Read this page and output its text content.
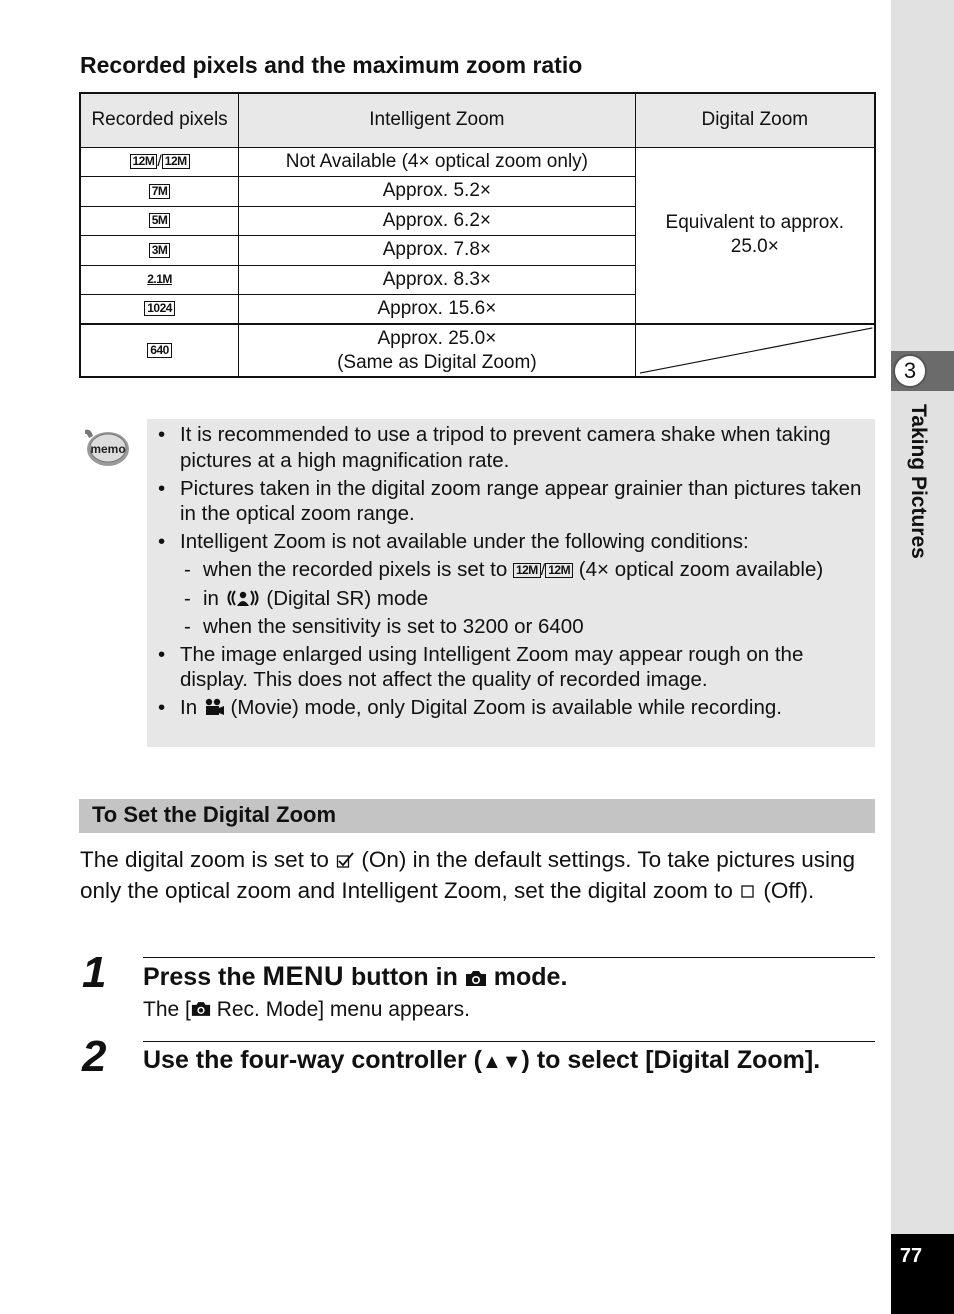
3
Taking Pictures
77
Recorded pixels and the maximum zoom ratio
Recorded pixels	Intelligent Zoom	Digital Zoom
12M / 12M	Not Available (4× optical zoom only)	Equivalent to approx. 25.0×
7M	Approx. 5.2×	
5M	Approx. 6.2×	
3M	Approx. 7.8×	
2.1M	Approx. 8.3×	
1024	Approx. 15.6×	
640	Approx. 25.0×
(Same as Digital Zoom)

memo
• It is recommended to use a tripod to prevent camera shake when taking pictures at a high magnification rate.
• Pictures taken in the digital zoom range appear grainier than pictures taken in the optical zoom range.
• Intelligent Zoom is not available under the following conditions:
- when the recorded pixels is set to 12M / 12M (4× optical zoom available)
- in (Digital SR) mode
- when the sensitivity is set to 3200 or 6400
• The image enlarged using Intelligent Zoom may appear rough on the display. This does not affect the quality of recorded image.
• In (Movie) mode, only Digital Zoom is available while recording.
To Set the Digital Zoom
The digital zoom is set to (On) in the default settings. To take pictures using only the optical zoom and Intelligent Zoom, set the digital zoom to (Off).
1 Press the MENU button in mode.
The [ Rec. Mode] menu appears.
2 Use the four-way controller (▲▼) to select [Digital Zoom].
